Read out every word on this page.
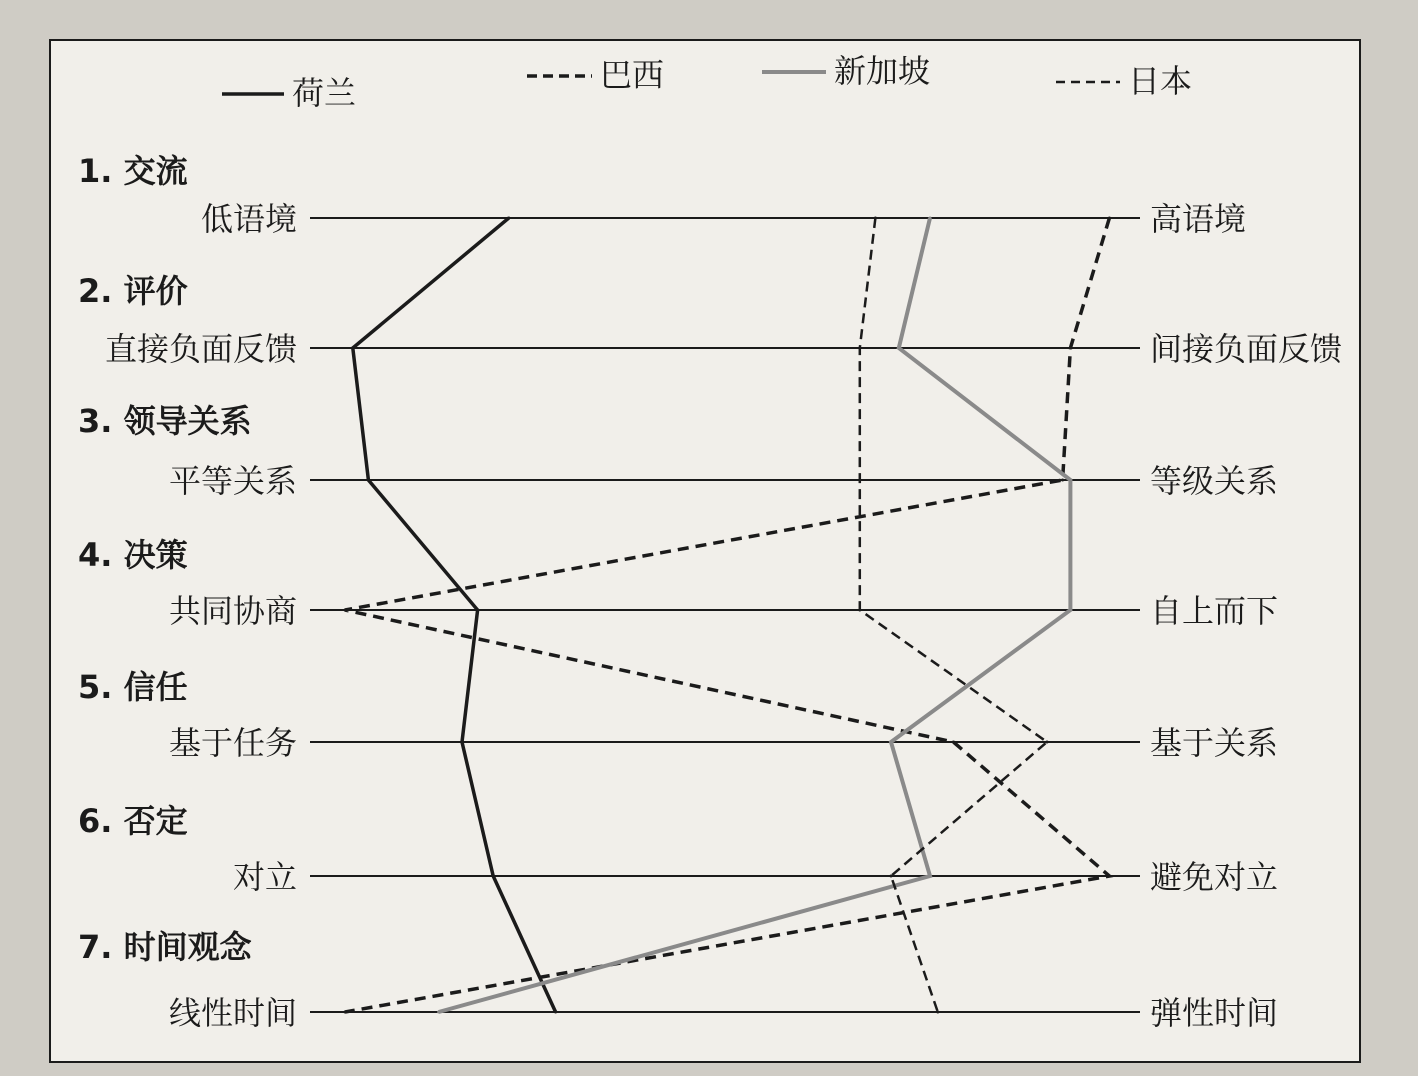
荷兰	巴西	新加坡	日本
1. 交流
低语境	高语境
2. 评价
直接负面反馈	间接负面反馈
3. 领导关系
平等关系	等级关系
4. 决策
共同协商	自上而下
5. 信任
基于任务	基于关系
6. 否定
对立	避免对立
7. 时间观念
线性时间	弹性时间
